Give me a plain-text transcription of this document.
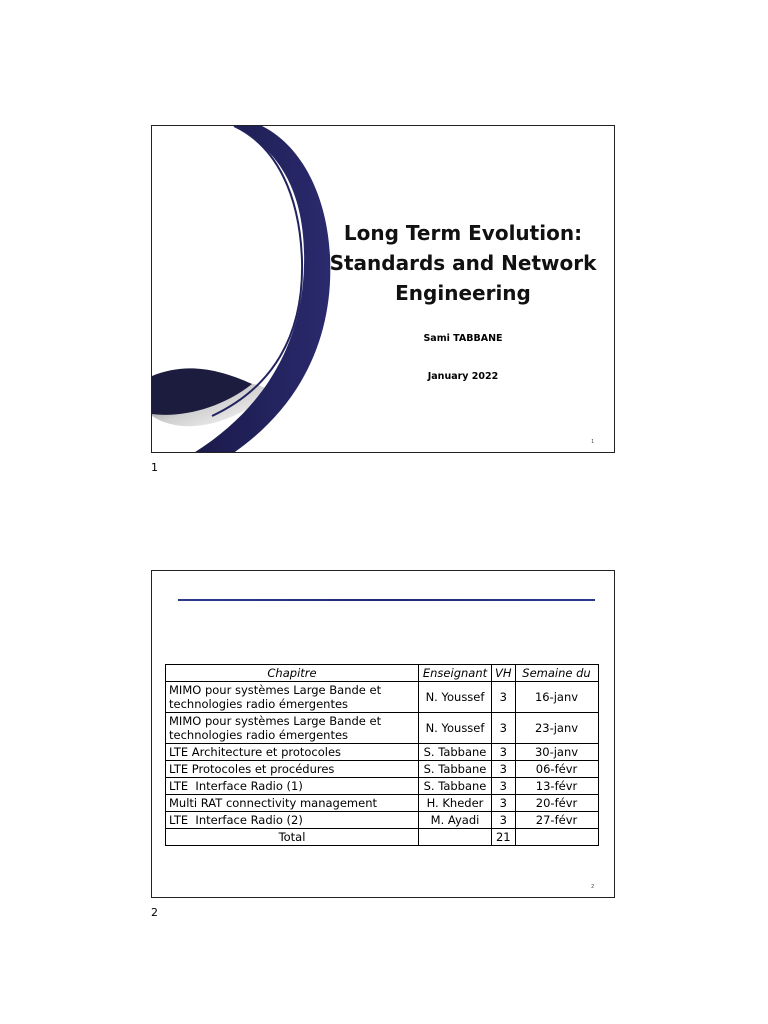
Long Term Evolution:
Standards and Network
Engineering
Sami TABBANE
January 2022
1
1
Chapitre	Enseignant	VH	Semaine du

MIMO pour systèmes Large Bande et
technologies radio émergentes	N. Youssef	3	16-janv

MIMO pour systèmes Large Bande et
technologies radio émergentes	N. Youssef	3	23-janv
LTE Architecture et protocoles	S. Tabbane	3	30-janv
LTE Protocoles et procédures	S. Tabbane	3	06-févr
LTE  Interface Radio (1)	S. Tabbane	3	13-févr
Multi RAT connectivity management	H. Kheder	3	20-févr
LTE  Interface Radio (2)	M. Ayadi	3	27-févr
Total		21	
2
2
